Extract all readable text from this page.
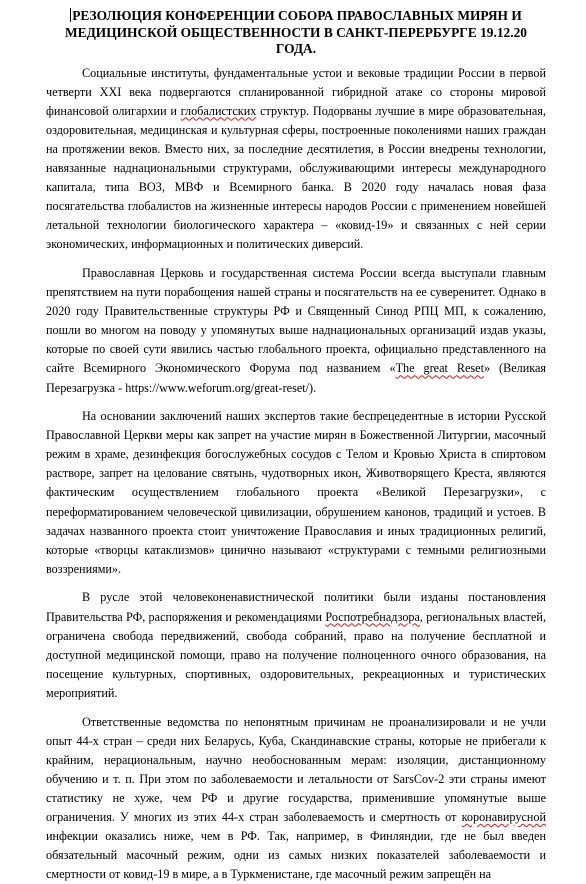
РЕЗОЛЮЦИЯ КОНФЕРЕНЦИИ СОБОРА ПРАВОСЛАВНЫХ МИРЯН И МЕДИЦИНСКОЙ ОБЩЕСТВЕННОСТИ В САНКТ-ПЕРЕРБУРГЕ 19.12.20 ГОДА.

Социальные институты, фундаментальные устои и вековые традиции России в первой четверти XXI века подвергаются спланированной гибридной атаке со стороны мировой финансовой олигархии и глобалистских структур. Подорваны лучшие в мире образовательная, оздоровительная, медицинская и культурная сферы, построенные поколениями наших граждан на протяжении веков. Вместо них, за последние десятилетия, в России внедрены технологии, навязанные наднациональными структурами, обслуживающими интересы международного капитала, типа ВОЗ, МВФ и Всемирного банка. В 2020 году началась новая фаза посягательства глобалистов на жизненные интересы народов России с применением новейшей летальной технологии биологического характера – «ковид-19» и связанных с ней серии экономических, информационных и политических диверсий.

Православная Церковь и государственная система России всегда выступали главным препятствием на пути порабощения нашей страны и посягательств на ее суверенитет. Однако в 2020 году Правительственные структуры РФ и Священный Синод РПЦ МП, к сожалению, пошли во многом на поводу у упомянутых выше наднациональных организаций издав указы, которые по своей сути явились частью глобального проекта, официально представленного на сайте Всемирного Экономического Форума под названием «The great Reset» (Великая Перезагрузка - https://www.weforum.org/great-reset/).

На основании заключений наших экспертов такие беспрецедентные в истории Русской Православной Церкви меры как запрет на участие мирян в Божественной Литургии, масочный режим в храме, дезинфекция богослужебных сосудов с Телом и Кровью Христа в спиртовом растворе, запрет на целование святынь, чудотворных икон, Животворящего Креста, являются фактическим осуществлением глобального проекта «Великой Перезагрузки», с переформатированием человеческой цивилизации, обрушением канонов, традиций и устоев. В задачах названного проекта стоит уничтожение Православия и иных традиционных религий, которые «творцы катаклизмов» цинично называют «структурами с темными религиозными воззрениями».

В русле этой человеконенавистнической политики были изданы постановления Правительства РФ, распоряжения и рекомендациями Роспотребнадзора, региональных властей, ограничена свобода передвижений, свобода собраний, право на получение бесплатной и доступной медицинской помощи, право на получение полноценного очного образования, на посещение культурных, спортивных, оздоровительных, рекреационных и туристических мероприятий.

Ответственные ведомства по непонятным причинам не проанализировали и не учли опыт 44-х стран – среди них Беларусь, Куба, Скандинавские страны, которые не прибегали к крайним, нерациональным, научно необоснованным мерам: изоляции, дистанционному обучению и т. п. При этом по заболеваемости и летальности от SarsCov-2 эти страны имеют статистику не хуже, чем РФ и другие государства, применившие упомянутые выше ограничения. У многих из этих 44-х стран заболеваемость и смертность от коронавирусной инфекции оказались ниже, чем в РФ. Так, например, в Финляндии, где не был введен обязательный масочный режим, одни из самых низких показателей заболеваемости и смертности от ковид-19 в мире, а в Туркменистане, где масочный режим запрещён на
